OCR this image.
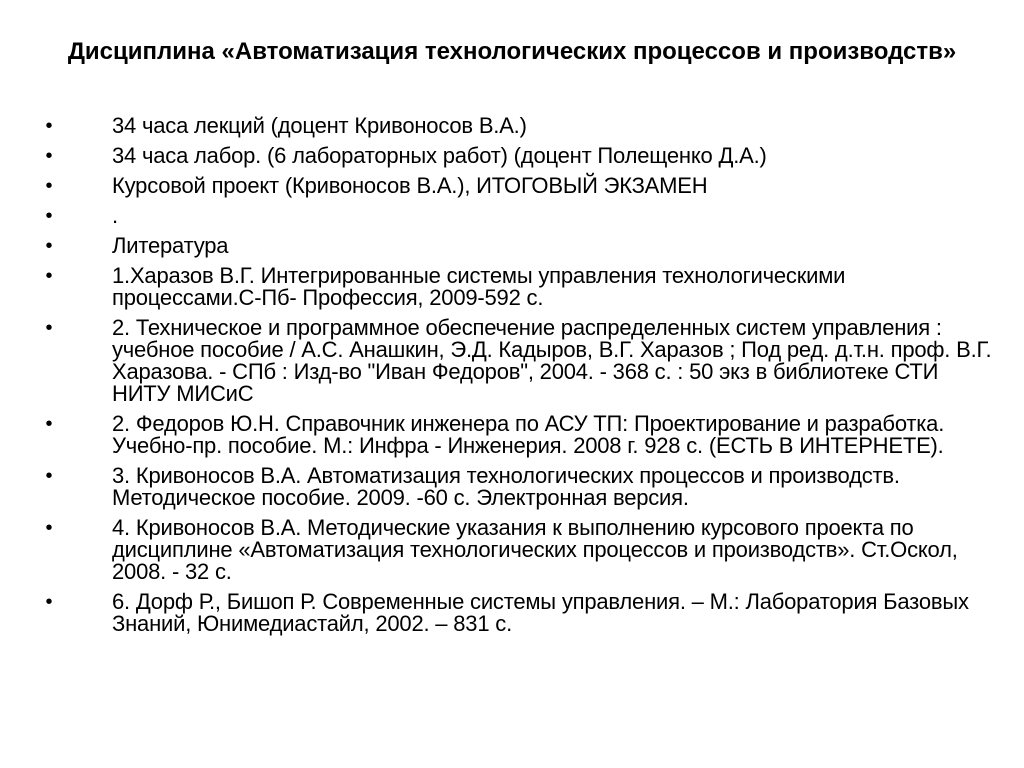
Дисциплина «Автоматизация технологических процессов и производств»
•	34 часа лекций (доцент Кривоносов В.А.)
•	34 часа лабор. (6 лабораторных работ) (доцент Полещенко Д.А.)
•	Курсовой проект (Кривоносов В.А.), ИТОГОВЫЙ ЭКЗАМЕН
•	.
•	Литература
•	1.Харазов В.Г. Интегрированные системы управления технологическими процессами.С-Пб- Профессия, 2009-592 с.
•	2. Техническое и программное обеспечение распределенных систем управления : учебное пособие / А.С. Анашкин, Э.Д. Кадыров, В.Г. Харазов ; Под ред. д.т.н. проф. В.Г. Харазова. - СПб : Изд-во "Иван Федоров", 2004. - 368 с. : 50 экз в библиотеке СТИ НИТУ МИСиС
•	2. Федоров Ю.Н. Справочник инженера по АСУ ТП: Проектирование и разработка. Учебно-пр. пособие. М.: Инфра - Инженерия. 2008 г. 928 с. (ЕСТЬ В ИНТЕРНЕТЕ).
•	3. Кривоносов В.А. Автоматизация технологических процессов и производств. Методическое пособие. 2009. -60 с. Электронная версия.
•	4. Кривоносов В.А. Методические указания к выполнению курсового проекта по дисциплине «Автоматизация технологических процессов и производств». Ст.Оскол, 2008. - 32 с.
•	6. Дорф Р., Бишоп Р. Современные системы управления. – М.: Лаборатория Базовых Знаний, Юнимедиастайл, 2002. – 831 с.
